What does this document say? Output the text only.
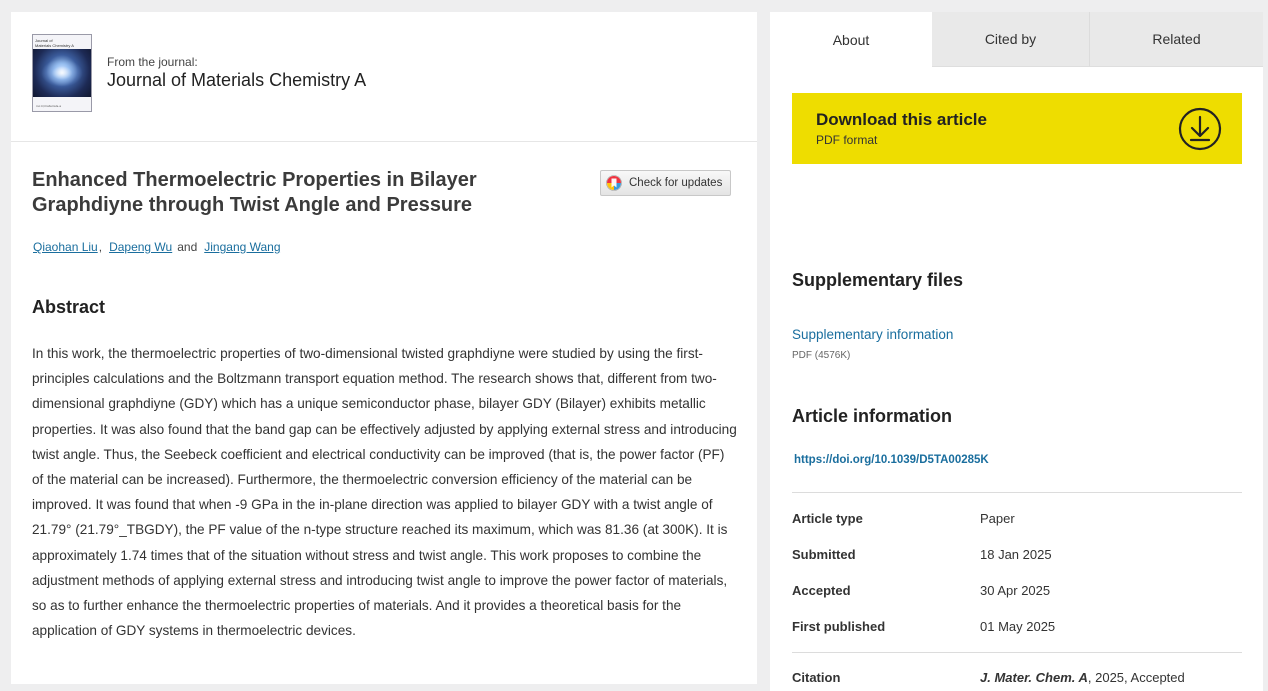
Journal of
Materials Chemistry A
rsc.li/materials-a
From the journal:
Journal of Materials Chemistry A
Enhanced Thermoelectric Properties in Bilayer Graphdiyne through Twist Angle and Pressure
Check for updates
Qiaohan Liu, Dapeng Wu and Jingang Wang
Abstract

In this work, the thermoelectric properties of two-dimensional twisted graphdiyne were studied by using the first-principles calculations and the Boltzmann transport equation method. The research shows that, different from two-dimensional graphdiyne (GDY) which has a unique semiconductor phase, bilayer GDY (Bilayer) exhibits metallic properties. It was also found that the band gap can be effectively adjusted by applying external stress and introducing twist angle. Thus, the Seebeck coefficient and electrical conductivity can be improved (that is, the power factor (PF) of the material can be increased). Furthermore, the thermoelectric conversion efficiency of the material can be improved. It was found that when -9 GPa in the in-plane direction was applied to bilayer GDY with a twist angle of 21.79° (21.79°_TBGDY), the PF value of the n-type structure reached its maximum, which was 81.36 (at 300K). It is approximately 1.74 times that of the situation without stress and twist angle. This work proposes to combine the adjustment methods of applying external stress and introducing twist angle to improve the power factor of materials, so as to further enhance the thermoelectric properties of materials. And it provides a theoretical basis for the application of GDY systems in thermoelectric devices.

About	Cited by	Related
Download this article
PDF format
Supplementary files
Supplementary information
PDF (4576K)
Article information
https://doi.org/10.1039/D5TA00285K
Article type	Paper
Submitted	18 Jan 2025
Accepted	30 Apr 2025
First published	01 May 2025
Citation	J. Mater. Chem. A, 2025, Accepted
